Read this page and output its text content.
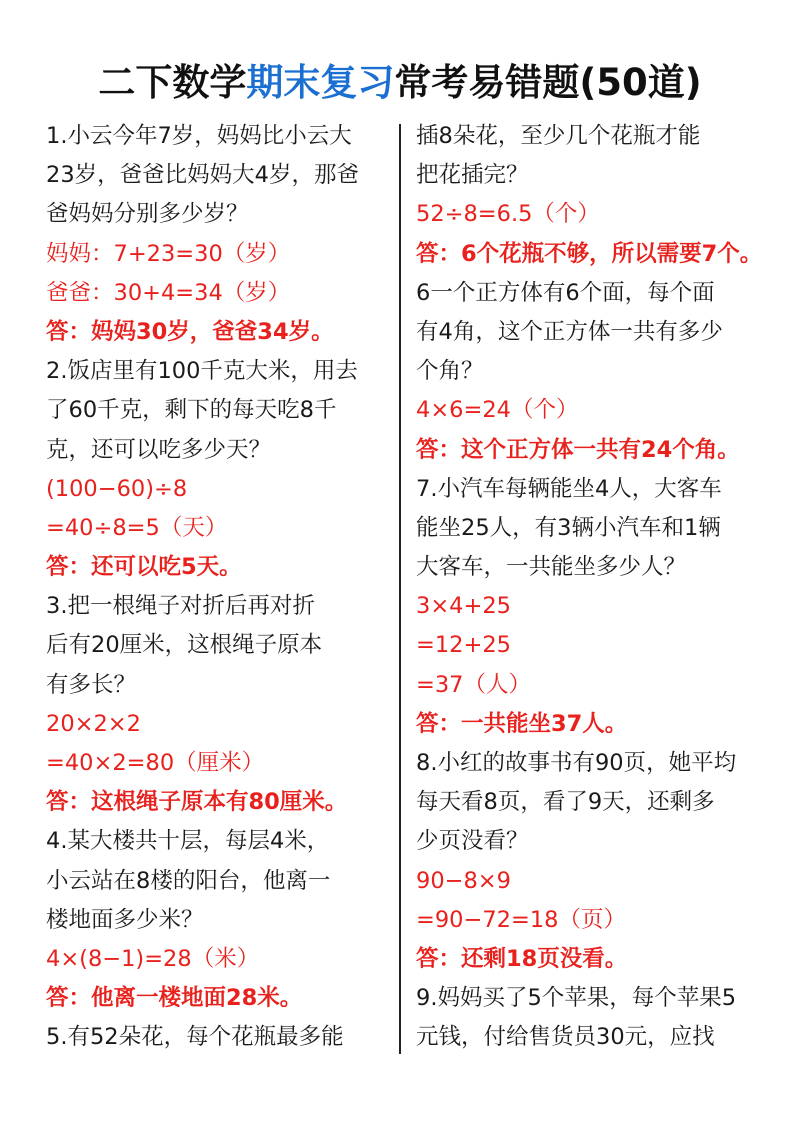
二下数学期末复习常考易错题(50道)
1.小云今年7岁，妈妈比小云大
23岁，爸爸比妈妈大4岁，那爸
爸妈妈分别多少岁？
妈妈：7+23=30（岁）
爸爸：30+4=34（岁）
答：妈妈30岁，爸爸34岁。
2.饭店里有100千克大米，用去
了60千克，剩下的每天吃8千
克，还可以吃多少天？
(100−60)÷8
=40÷8=5（天）
答：还可以吃5天。
3.把一根绳子对折后再对折
后有20厘米，这根绳子原本
有多长？
20×2×2
=40×2=80（厘米）
答：这根绳子原本有80厘米。
4.某大楼共十层，每层4米，
小云站在8楼的阳台，他离一
楼地面多少米？
4×(8−1)=28（米）
答：他离一楼地面28米。
5.有52朵花，每个花瓶最多能
插8朵花，至少几个花瓶才能
把花插完？
52÷8=6.5（个）
答：6个花瓶不够，所以需要7个。
6一个正方体有6个面，每个面
有4角，这个正方体一共有多少
个角？
4×6=24（个）
答：这个正方体一共有24个角。
7.小汽车每辆能坐4人，大客车
能坐25人，有3辆小汽车和1辆
大客车，一共能坐多少人？
3×4+25
=12+25
=37（人）
答：一共能坐37人。
8.小红的故事书有90页，她平均
每天看8页，看了9天，还剩多
少页没看？
90−8×9
=90−72=18（页）
答：还剩18页没看。
9.妈妈买了5个苹果，每个苹果5
元钱，付给售货员30元，应找
